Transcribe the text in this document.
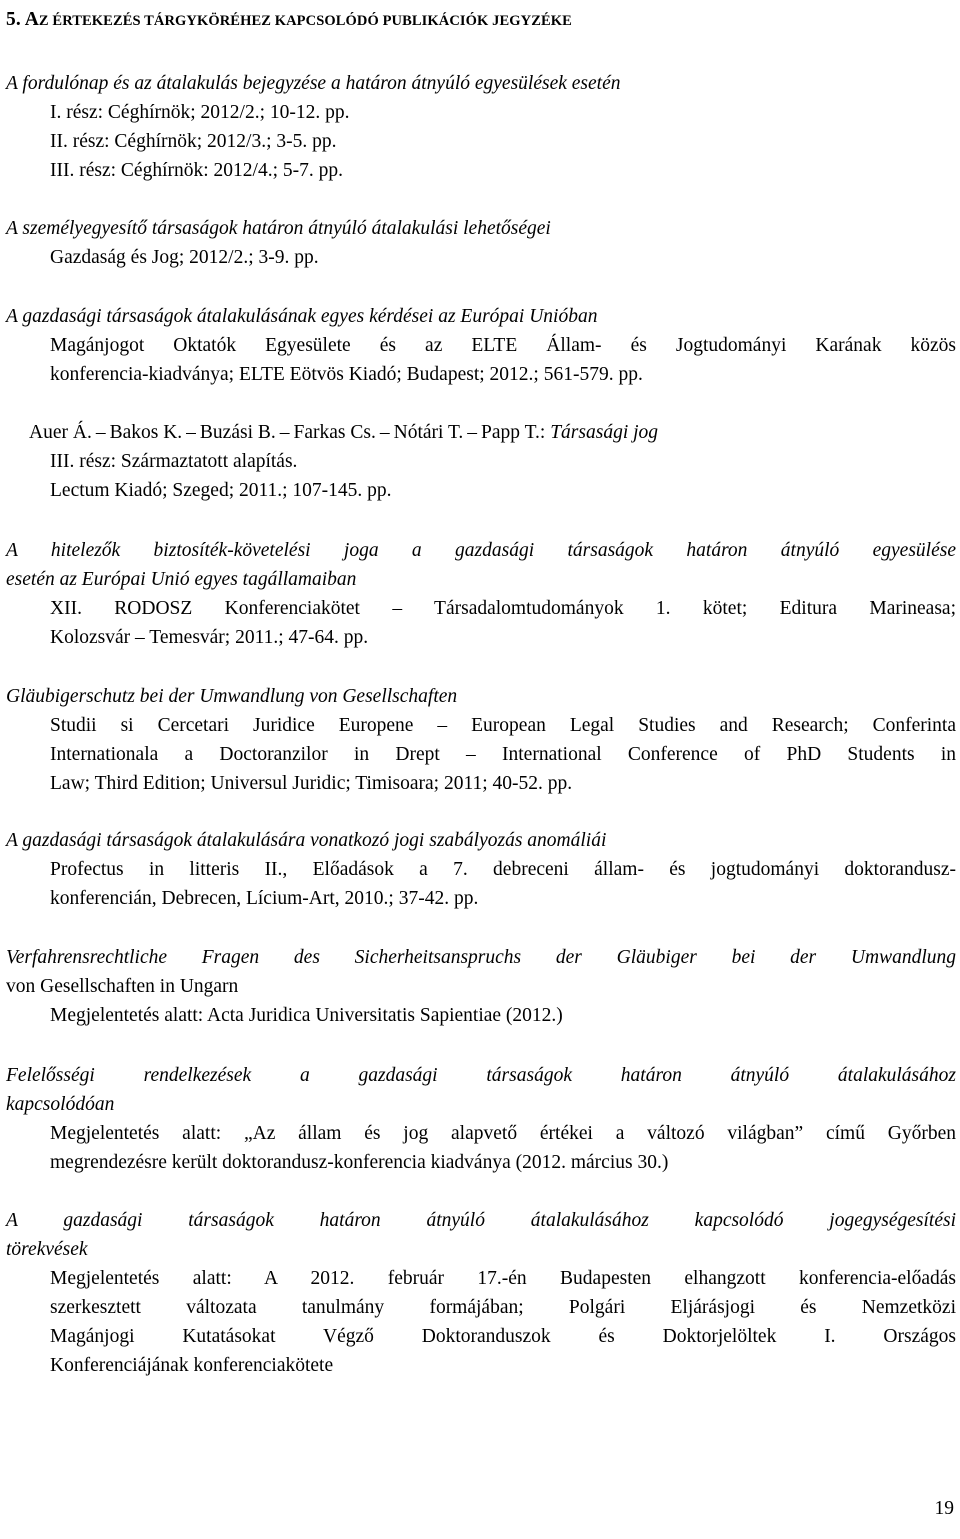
5. AZ ÉRTEKEZÉS TÁRGYKÖRÉHEZ KAPCSOLÓDÓ PUBLIKÁCIÓK JEGYZÉKE
A fordulónap és az átalakulás bejegyzése a határon átnyúló egyesülések esetén
I. rész: Céghírnök; 2012/2.; 10-12. pp.
II. rész: Céghírnök; 2012/3.; 3-5. pp.
III. rész: Céghírnök: 2012/4.; 5-7. pp.
A személyegyesítő társaságok határon átnyúló átalakulási lehetőségei
Gazdaság és Jog; 2012/2.; 3-9. pp.
A gazdasági társaságok átalakulásának egyes kérdései az Európai Unióban
Magánjogot Oktatók Egyesülete és az ELTE Állam- és Jogtudományi Karának közös
konferencia-kiadványa; ELTE Eötvös Kiadó; Budapest; 2012.; 561-579. pp.
Auer Á. – Bakos K. – Buzási B. – Farkas Cs. – Nótári T. – Papp T.: Társasági jog
III. rész: Származtatott alapítás.
Lectum Kiadó; Szeged; 2011.; 107-145. pp.
A hitelezők biztosíték-követelési joga a gazdasági társaságok határon átnyúló egyesülése
esetén az Európai Unió egyes tagállamaiban
XII. RODOSZ Konferenciakötet – Társadalomtudományok 1. kötet; Editura Marineasa;
Kolozsvár – Temesvár; 2011.; 47-64. pp.
Gläubigerschutz bei der Umwandlung von Gesellschaften
Studii si Cercetari Juridice Europene – European Legal Studies and Research; Conferinta
Internationala a Doctoranzilor in Drept – International Conference of PhD Students in
Law; Third Edition; Universul Juridic; Timisoara; 2011; 40-52. pp.
A gazdasági társaságok átalakulására vonatkozó jogi szabályozás anomáliái
Profectus in litteris II., Előadások a 7. debreceni állam- és jogtudományi doktorandusz-
konferencián, Debrecen, Lícium-Art, 2010.; 37-42. pp.
Verfahrensrechtliche Fragen des Sicherheitsanspruchs der Gläubiger bei der Umwandlung
von Gesellschaften in Ungarn
Megjelentetés alatt: Acta Juridica Universitatis Sapientiae (2012.)
Felelősségi rendelkezések a gazdasági társaságok határon átnyúló átalakulásához
kapcsolódóan
Megjelentetés alatt: „Az állam és jog alapvető értékei a változó világban” című Győrben
megrendezésre került doktorandusz-konferencia kiadványa (2012. március 30.)
A gazdasági társaságok határon átnyúló átalakulásához kapcsolódó jogegységesítési
törekvések
Megjelentetés alatt: A 2012. február 17.-én Budapesten elhangzott konferencia-előadás
szerkesztett változata tanulmány formájában; Polgári Eljárásjogi és Nemzetközi
Magánjogi Kutatásokat Végző Doktoranduszok és Doktorjelöltek I. Országos
Konferenciájának konferenciakötete
19
